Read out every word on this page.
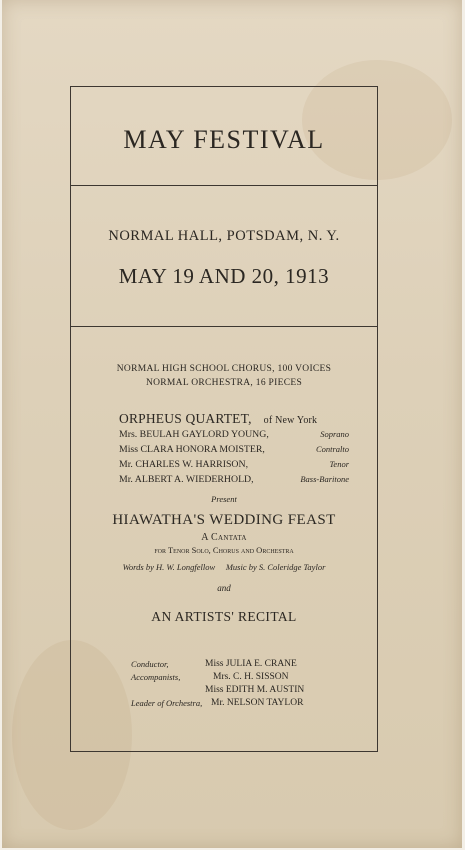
MAY FESTIVAL
NORMAL HALL, POTSDAM, N. Y.
MAY 19 AND 20, 1913
NORMAL HIGH SCHOOL CHORUS, 100 VOICES
NORMAL ORCHESTRA, 16 PIECES
ORPHEUS QUARTET, of New York
Mrs. BEULAH GAYLORD YOUNG,	Soprano
Miss CLARA HONORA MOISTER,	Contralto
Mr. CHARLES W. HARRISON,	Tenor
Mr. ALBERT A. WIEDERHOLD,	Bass-Baritone
Present
HIAWATHA'S WEDDING FEAST
A Cantata
for Tenor Solo, Chorus and Orchestra
Words by H. W. Longfellow     Music by S. Coleridge Taylor
and
AN ARTISTS' RECITAL
Conductor,	Miss JULIA E. CRANE
Accompanists,	Mrs. C. H. SISSON
Miss EDITH M. AUSTIN
Leader of Orchestra, Mr. NELSON TAYLOR
